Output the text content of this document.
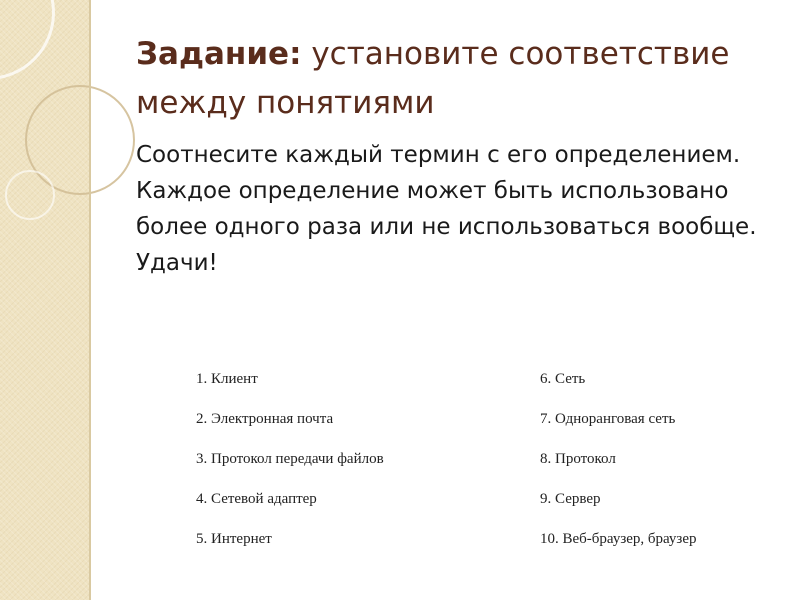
Задание: установите соответствие между понятиями
Соотнесите каждый термин с его определением. Каждое определение может быть использовано более одного раза или не использоваться вообще. Удачи!
1. Клиент
2. Электронная почта
3. Протокол передачи файлов
4. Сетевой адаптер
5. Интернет
6. Сеть
7. Одноранговая сеть
8. Протокол
9. Сервер
10. Веб-браузер, браузер
